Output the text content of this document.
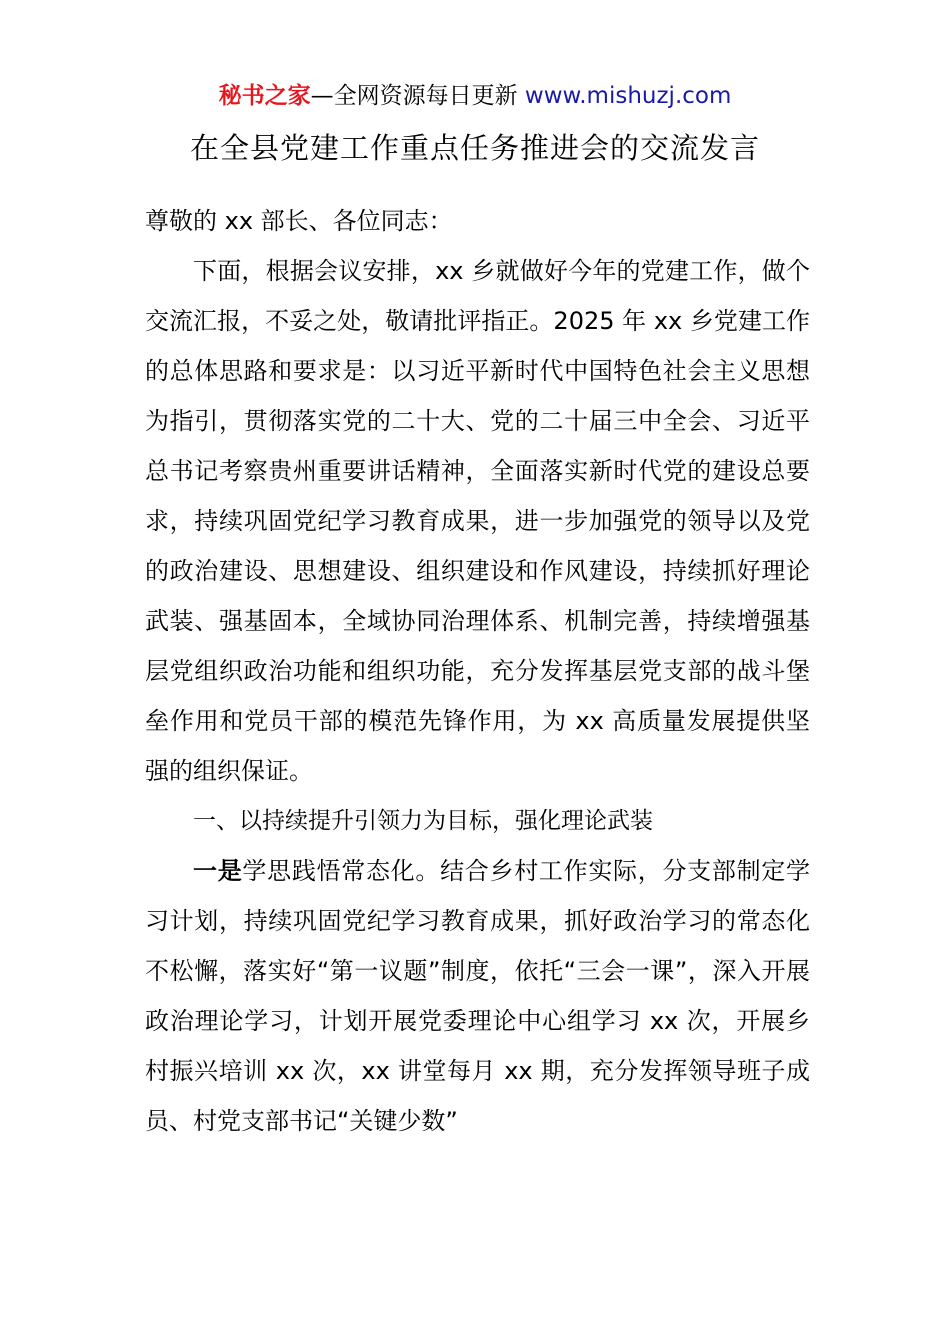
秘书之家—全网资源每日更新 www.mishuzj.com
在全县党建工作重点任务推进会的交流发言

尊敬的 xx 部长、各位同志：

下面，根据会议安排，xx 乡就做好今年的党建工作，做个交流汇报，不妥之处，敬请批评指正。2025 年 xx 乡党建工作的总体思路和要求是：以习近平新时代中国特色社会主义思想为指引，贯彻落实党的二十大、党的二十届三中全会、习近平总书记考察贵州重要讲话精神，全面落实新时代党的建设总要求，持续巩固党纪学习教育成果，进一步加强党的领导以及党的政治建设、思想建设、组织建设和作风建设，持续抓好理论武装、强基固本，全域协同治理体系、机制完善，持续增强基层党组织政治功能和组织功能，充分发挥基层党支部的战斗堡垒作用和党员干部的模范先锋作用，为 xx 高质量发展提供坚强的组织保证。

一、以持续提升引领力为目标，强化理论武装

一是学思践悟常态化。结合乡村工作实际，分支部制定学习计划，持续巩固党纪学习教育成果，抓好政治学习的常态化不松懈，落实好“第一议题”制度，依托“三会一课”，深入开展政治理论学习，计划开展党委理论中心组学习 xx 次，开展乡村振兴培训 xx 次，xx 讲堂每月 xx 期，充分发挥领导班子成员、村党支部书记“关键少数”
